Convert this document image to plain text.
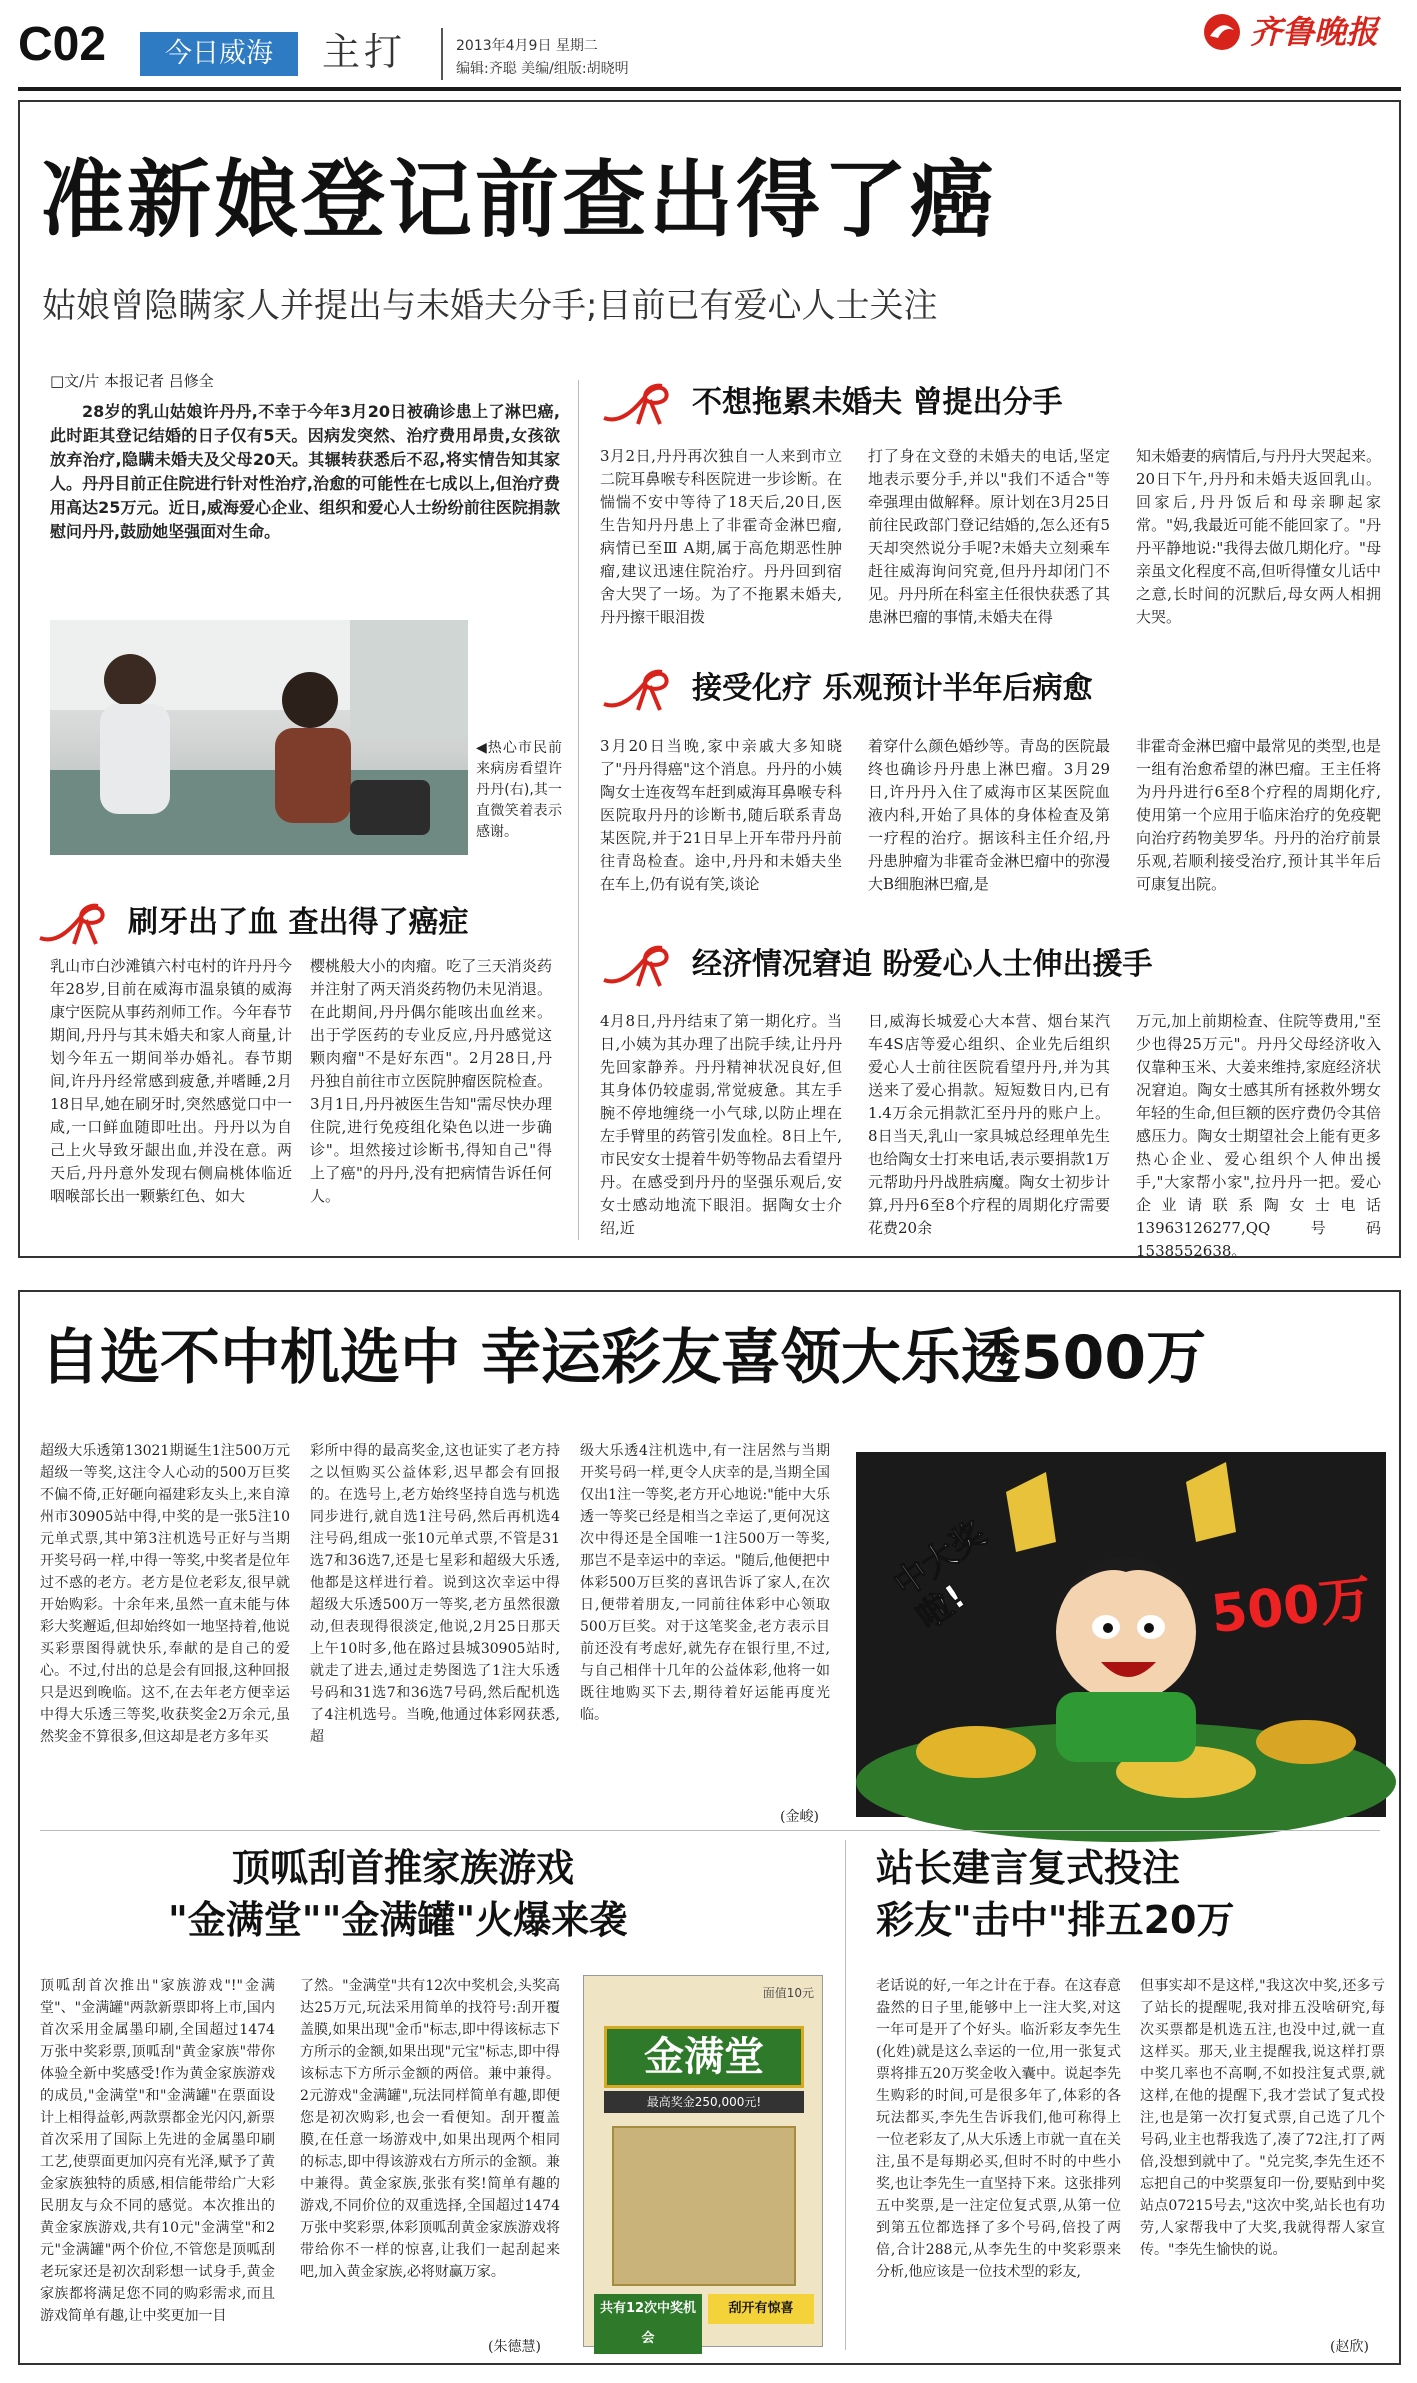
C02	今日威海	主打	2013年4月9日 星期二
编辑:齐聪 美编/组版:胡晓明
齐鲁晚报
准新娘登记前查出得了癌
姑娘曾隐瞒家人并提出与未婚夫分手;目前已有爱心人士关注
□文/片 本报记者 吕修全
28岁的乳山姑娘许丹丹,不幸于今年3月20日被确诊患上了淋巴癌,此时距其登记结婚的日子仅有5天。因病发突然、治疗费用昂贵,女孩欲放弃治疗,隐瞒未婚夫及父母20天。其辗转获悉后不忍,将实情告知其家人。丹丹目前正住院进行针对性治疗,治愈的可能性在七成以上,但治疗费用高达25万元。近日,威海爱心企业、组织和爱心人士纷纷前往医院捐款慰问丹丹,鼓励她坚强面对生命。
◀热心市民前来病房看望许丹丹(右),其一直微笑着表示感谢。
刷牙出了血 查出得了癌症
乳山市白沙滩镇六村屯村的许丹丹今年28岁,目前在威海市温泉镇的威海康宁医院从事药剂师工作。今年春节期间,丹丹与其未婚夫和家人商量,计划今年五一期间举办婚礼。春节期间,许丹丹经常感到疲惫,并嗜睡,2月18日早,她在刷牙时,突然感觉口中一咸,一口鲜血随即吐出。丹丹以为自己上火导致牙龈出血,并没在意。两天后,丹丹意外发现右侧扁桃体临近咽喉部长出一颗紫红色、如大
樱桃般大小的肉瘤。吃了三天消炎药并注射了两天消炎药物仍未见消退。在此期间,丹丹偶尔能咳出血丝来。出于学医药的专业反应,丹丹感觉这颗肉瘤"不是好东西"。2月28日,丹丹独自前往市立医院肿瘤医院检查。3月1日,丹丹被医生告知"需尽快办理住院,进行免疫组化染色以进一步确诊"。坦然接过诊断书,得知自己"得上了癌"的丹丹,没有把病情告诉任何人。
不想拖累未婚夫 曾提出分手
3月2日,丹丹再次独自一人来到市立二院耳鼻喉专科医院进一步诊断。在惴惴不安中等待了18天后,20日,医生告知丹丹患上了非霍奇金淋巴瘤,病情已至Ⅲ A期,属于高危期恶性肿瘤,建议迅速住院治疗。丹丹回到宿舍大哭了一场。为了不拖累未婚夫,丹丹擦干眼泪拨
打了身在文登的未婚夫的电话,坚定地表示要分手,并以"我们不适合"等牵强理由做解释。原计划在3月25日前往民政部门登记结婚的,怎么还有5天却突然说分手呢?未婚夫立刻乘车赶往威海询问究竟,但丹丹却闭门不见。丹丹所在科室主任很快获悉了其患淋巴瘤的事情,未婚夫在得
知未婚妻的病情后,与丹丹大哭起来。20日下午,丹丹和未婚夫返回乳山。回家后,丹丹饭后和母亲聊起家常。"妈,我最近可能不能回家了。"丹丹平静地说:"我得去做几期化疗。"母亲虽文化程度不高,但听得懂女儿话中之意,长时间的沉默后,母女两人相拥大哭。
接受化疗 乐观预计半年后病愈
3月20日当晚,家中亲戚大多知晓了"丹丹得癌"这个消息。丹丹的小姨陶女士连夜驾车赶到威海耳鼻喉专科医院取丹丹的诊断书,随后联系青岛某医院,并于21日早上开车带丹丹前往青岛检查。途中,丹丹和未婚夫坐在车上,仍有说有笑,谈论
着穿什么颜色婚纱等。青岛的医院最终也确诊丹丹患上淋巴瘤。3月29日,许丹丹入住了威海市区某医院血液内科,开始了具体的身体检查及第一疗程的治疗。据该科主任介绍,丹丹患肿瘤为非霍奇金淋巴瘤中的弥漫大B细胞淋巴瘤,是
非霍奇金淋巴瘤中最常见的类型,也是一组有治愈希望的淋巴瘤。王主任将为丹丹进行6至8个疗程的周期化疗,使用第一个应用于临床治疗的免疫靶向治疗药物美罗华。丹丹的治疗前景乐观,若顺利接受治疗,预计其半年后可康复出院。
经济情况窘迫 盼爱心人士伸出援手
4月8日,丹丹结束了第一期化疗。当日,小姨为其办理了出院手续,让丹丹先回家静养。丹丹精神状况良好,但其身体仍较虚弱,常觉疲惫。其左手腕不停地缠绕一小气球,以防止埋在左手臂里的药管引发血栓。8日上午,市民安女士提着牛奶等物品去看望丹丹。在感受到丹丹的坚强乐观后,安女士感动地流下眼泪。据陶女士介绍,近
日,威海长城爱心大本营、烟台某汽车4S店等爱心组织、企业先后组织爱心人士前往医院看望丹丹,并为其送来了爱心捐款。短短数日内,已有1.4万余元捐款汇至丹丹的账户上。8日当天,乳山一家具城总经理单先生也给陶女士打来电话,表示要捐款1万元帮助丹丹战胜病魔。陶女士初步计算,丹丹6至8个疗程的周期化疗需要花费20余
万元,加上前期检查、住院等费用,"至少也得25万元"。丹丹父母经济收入仅靠种玉米、大姜来维持,家庭经济状况窘迫。陶女士感其所有拯救外甥女年轻的生命,但巨额的医疗费仍令其倍感压力。陶女士期望社会上能有更多热心企业、爱心组织个人伸出援手,"大家帮小家",拉丹丹一把。爱心企业请联系陶女士电话13963126277,QQ号码1538552638。
自选不中机选中 幸运彩友喜领大乐透500万
超级大乐透第13021期诞生1注500万元超级一等奖,这注令人心动的500万巨奖不偏不倚,正好砸向福建彩友头上,来自漳州市30905站中得,中奖的是一张5注10元单式票,其中第3注机选号正好与当期开奖号码一样,中得一等奖,中奖者是位年过不惑的老方。老方是位老彩友,很早就开始购彩。十余年来,虽然一直未能与体彩大奖邂逅,但却始终如一地坚持着,他说买彩票图得就快乐,奉献的是自己的爱心。不过,付出的总是会有回报,这种回报只是迟到晚临。这不,在去年老方便幸运中得大乐透三等奖,收获奖金2万余元,虽然奖金不算很多,但这却是老方多年买
彩所中得的最高奖金,这也证实了老方持之以恒购买公益体彩,迟早都会有回报的。在选号上,老方始终坚持自选与机选同步进行,就自选1注号码,然后再机选4注号码,组成一张10元单式票,不管是31选7和36选7,还是七星彩和超级大乐透,他都是这样进行着。说到这次幸运中得超级大乐透500万一等奖,老方虽然很激动,但表现得很淡定,他说,2月25日那天上午10时多,他在路过县城30905站时,就走了进去,通过走势图选了1注大乐透号码和31选7和36选7号码,然后配机选了4注机选号。当晚,他通过体彩网获悉,超
级大乐透4注机选中,有一注居然与当期开奖号码一样,更令人庆幸的是,当期全国仅出1注一等奖,老方开心地说:"能中大乐透一等奖已经是相当之幸运了,更何况这次中得还是全国唯一1注500万一等奖,那岂不是幸运中的幸运。"随后,他便把中体彩500万巨奖的喜讯告诉了家人,在次日,便带着朋友,一同前往体彩中心领取500万巨奖。对于这笔奖金,老方表示目前还没有考虑好,就先存在银行里,不过,与自己相伴十几年的公益体彩,他将一如既往地购买下去,期待着好运能再度光临。
(金峻)
中大奖啦!	500万
顶呱刮首推家族游戏
"金满堂""金满罐"火爆来袭
顶呱刮首次推出"家族游戏"!"金满堂"、"金满罐"两款新票即将上市,国内首次采用金属墨印刷,全国超过1474万张中奖彩票,顶呱刮"黄金家族"带你体验全新中奖感受!作为黄金家族游戏的成员,"金满堂"和"金满罐"在票面设计上相得益彰,两款票都金光闪闪,新票首次采用了国际上先进的金属墨印刷工艺,使票面更加闪亮有光泽,赋予了黄金家族独特的质感,相信能带给广大彩民朋友与众不同的感觉。本次推出的黄金家族游戏,共有10元"金满堂"和2元"金满罐"两个价位,不管您是顶呱刮老玩家还是初次刮彩想一试身手,黄金家族都将满足您不同的购彩需求,而且游戏简单有趣,让中奖更加一目
了然。"金满堂"共有12次中奖机会,头奖高达25万元,玩法采用简单的找符号:刮开覆盖膜,如果出现"金币"标志,即中得该标志下方所示的金额,如果出现"元宝"标志,即中得该标志下方所示金额的两倍。兼中兼得。2元游戏"金满罐",玩法同样简单有趣,即便您是初次购彩,也会一看便知。刮开覆盖膜,在任意一场游戏中,如果出现两个相同的标志,即中得该游戏右方所示的金额。兼中兼得。黄金家族,张张有奖!简单有趣的游戏,不同价位的双重选择,全国超过1474万张中奖彩票,体彩顶呱刮黄金家族游戏将带给你不一样的惊喜,让我们一起刮起来吧,加入黄金家族,必将财赢万家。
(朱德慧)
面值10元
金满堂
最高奖金250,000元!
共有12次中奖机会
刮开有惊喜
站长建言复式投注
彩友"击中"排五20万
老话说的好,一年之计在于春。在这春意盎然的日子里,能够中上一注大奖,对这一年可是开了个好头。临沂彩友李先生(化姓)就是这么幸运的一位,用一张复式票将排五20万奖金收入囊中。说起李先生购彩的时间,可是很多年了,体彩的各玩法都买,李先生告诉我们,他可称得上一位老彩友了,从大乐透上市就一直在关注,虽不是每期必买,但时不时的中些小奖,也让李先生一直坚持下来。这张排列五中奖票,是一注定位复式票,从第一位到第五位都选择了多个号码,倍投了两倍,合计288元,从李先生的中奖彩票来分析,他应该是一位技术型的彩友,
但事实却不是这样,"我这次中奖,还多亏了站长的提醒呢,我对排五没啥研究,每次买票都是机选五注,也没中过,就一直这样买。那天,业主提醒我,说这样打票中奖几率也不高啊,不如投注复式票,就这样,在他的提醒下,我才尝试了复式投注,也是第一次打复式票,自己选了几个号码,业主也帮我选了,凑了72注,打了两倍,没想到就中了。"兑完奖,李先生还不忘把自己的中奖票复印一份,要贴到中奖站点07215号去,"这次中奖,站长也有功劳,人家帮我中了大奖,我就得帮人家宣传。"李先生愉快的说。
(赵欣)
